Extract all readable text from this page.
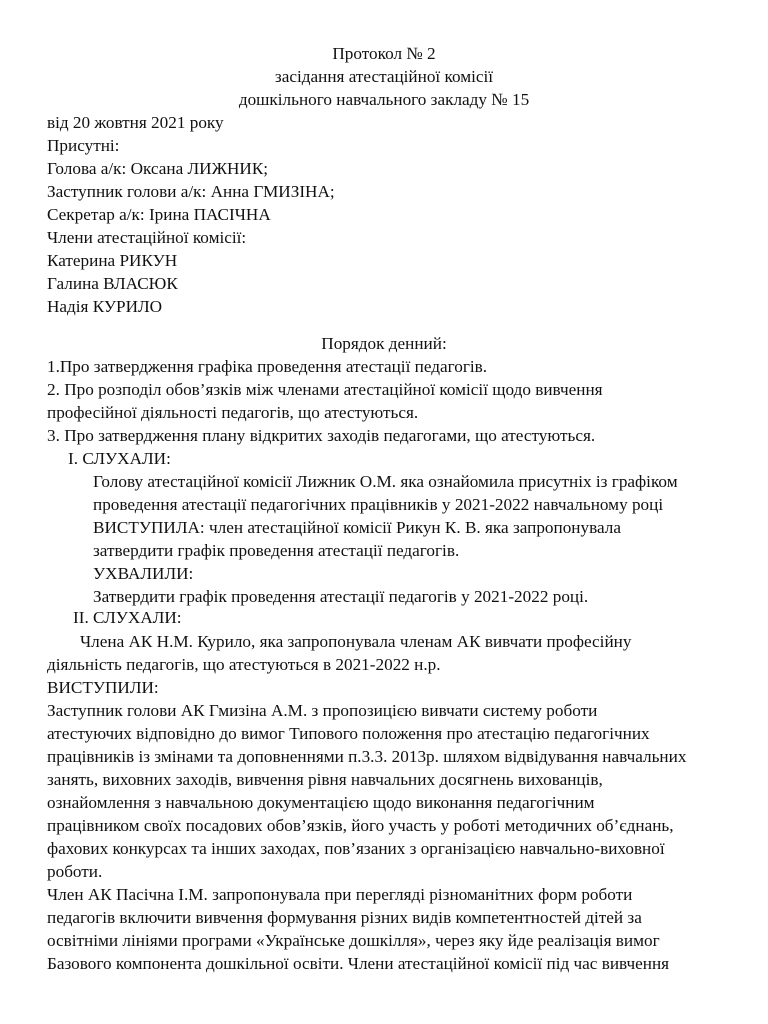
Протокол № 2

засідання атестаційної комісії

дошкільного навчального закладу № 15

від 20 жовтня 2021 року

Присутні:

Голова а/к: Оксана ЛИЖНИК;

Заступник голови а/к: Анна ГМИЗІНА;

Секретар а/к: Ірина ПАСІЧНА

Члени атестаційної комісії:

Катерина РИКУН

Галина ВЛАСЮК

Надія КУРИЛО

Порядок денний:

1.Про затвердження графіка проведення атестації педагогів.

2. Про розподіл обов’язків між членами атестаційної комісії щодо вивчення

професійної діяльності педагогів, що атестуються.

3. Про затвердження плану відкритих заходів педагогами, що атестуються.

I. СЛУХАЛИ:

Голову атестаційної комісії Лижник О.М. яка ознайомила присутніх із графіком

проведення атестації педагогічних працівників у 2021-2022 навчальному році

ВИСТУПИЛА: член атестаційної комісії Рикун К. В. яка запропонувала

затвердити графік проведення атестації педагогів.

УХВАЛИЛИ:

Затвердити графік проведення атестації педагогів у 2021-2022 році.

II. СЛУХАЛИ:

Члена АК Н.М. Курило, яка запропонувала членам АК вивчати професійну

діяльність педагогів, що атестуються в 2021-2022 н.р.

ВИСТУПИЛИ:

Заступник голови АК Гмизіна А.М. з пропозицією вивчати систему роботи

атестуючих відповідно до вимог Типового положення про атестацію педагогічних

працівників із змінами та доповненнями п.3.3. 2013р. шляхом відвідування навчальних

занять, виховних заходів, вивчення рівня навчальних досягнень вихованців,

ознайомлення з навчальною документацією щодо виконання педагогічним

працівником своїх посадових обов’язків, його участь у роботі методичних об’єднань,

фахових конкурсах та інших заходах, пов’язаних з організацією навчально-виховної

роботи.

Член АК Пасічна І.М. запропонувала при перегляді різноманітних форм роботи

педагогів включити вивчення формування різних видів компетентностей дітей за

освітніми лініями програми «Українське дошкілля», через яку йде реалізація вимог

Базового компонента дошкільної освіти. Члени атестаційної комісії під час вивчення
